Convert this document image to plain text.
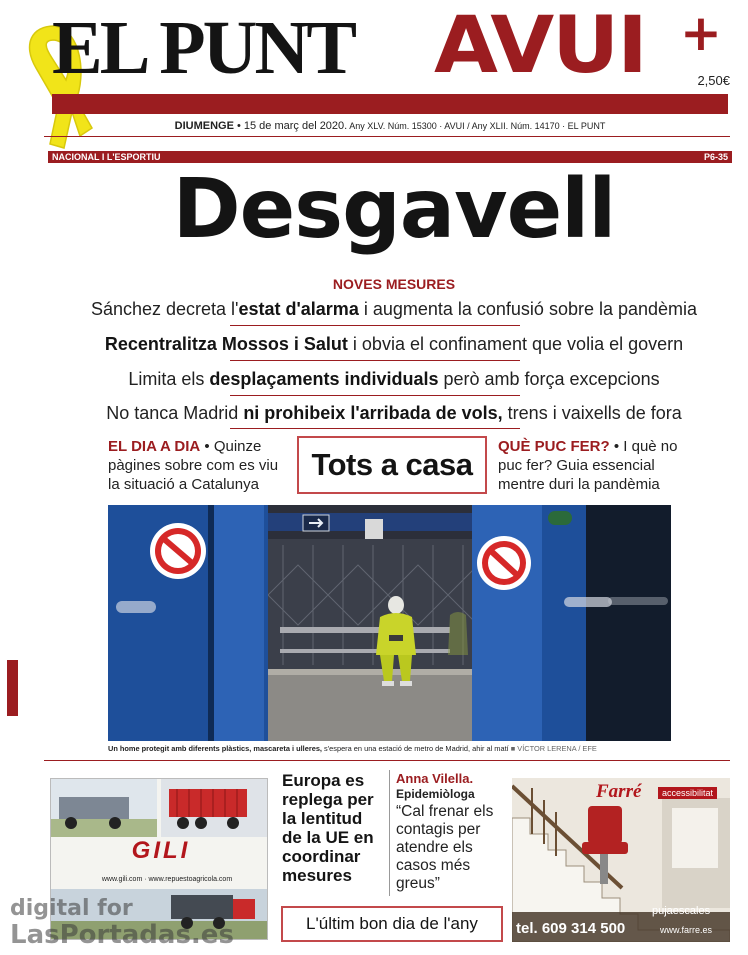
EL PUNT AVUI +
2,50€
DIUMENGE • 15 de març del 2020. Any XLV. Núm. 15300 · AVUI / Any XLII. Núm. 14170 · EL PUNT
NACIONAL I L'ESPORTIU	P6-35
Desgavell
NOVES MESURES
Sánchez decreta l'estat d'alarma i augmenta la confusió sobre la pandèmia
Recentralitza Mossos i Salut i obvia el confinament que volia el govern
Limita els desplaçaments individuals però amb força excepcions
No tanca Madrid ni prohibeix l'arribada de vols, trens i vaixells de fora
EL DIA A DIA • Quinze pàgines sobre com es viu la situació a Catalunya
Tots a casa
QUÈ PUC FER? • I què no puc fer? Guia essencial mentre duri la pandèmia
Un home protegit amb diferents plàstics, mascareta i ulleres, s'espera en una estació de metro de Madrid, ahir al matí ■ VÍCTOR LERENA / EFE
GILI
www.gili.com · www.repuestoagricola.com
Europa es replega per la lentitud de la UE en coordinar mesures
Anna Vilella.
Epidemiòloga
“Cal frenar els contagis per atendre els casos més greus”
L'últim bon dia de l'any
Farré	accessibilitat
pujaescales
tel. 609 314 500	www.farre.es
digital for
LasPortadas.es
